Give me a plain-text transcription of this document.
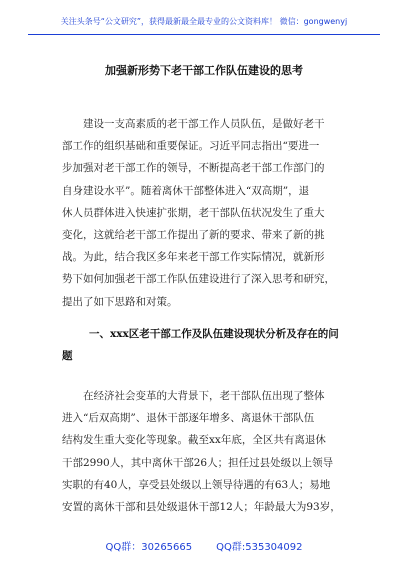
关注头条号“公文研究”，获得最新最全最专业的公文资料库！ 微信：gongwenyj
加强新形势下老干部工作队伍建设的思考
　　建设一支高素质的老干部工作人员队伍，是做好老干
部工作的组织基础和重要保证。习近平同志指出“要进一
步加强对老干部工作的领导，不断提高老干部工作部门的
自身建设水平”。随着离休干部整体进入“双高期”，退
休人员群体进入快速扩张期，老干部队伍状况发生了重大
变化，这就给老干部工作提出了新的要求、带来了新的挑
战。为此，结合我区多年来老干部工作实际情况，就新形
势下如何加强老干部工作队伍建设进行了深入思考和研究，
提出了如下思路和对策。
一、xxx区老干部工作及队伍建设现状分析及存在的问
题
　　在经济社会变革的大背景下，老干部队伍出现了整体
进入“后双高期”、退休干部逐年增多、离退休干部队伍
结构发生重大变化等现象。截至xx年底，全区共有离退休
干部2990人，其中离休干部26人；担任过县处级以上领导
实职的有40人，享受县处级以上领导待遇的有63人；易地
安置的离休干部和县处级退休干部12人；年龄最大为93岁，
QQ群：30265665 QQ群:535304092
